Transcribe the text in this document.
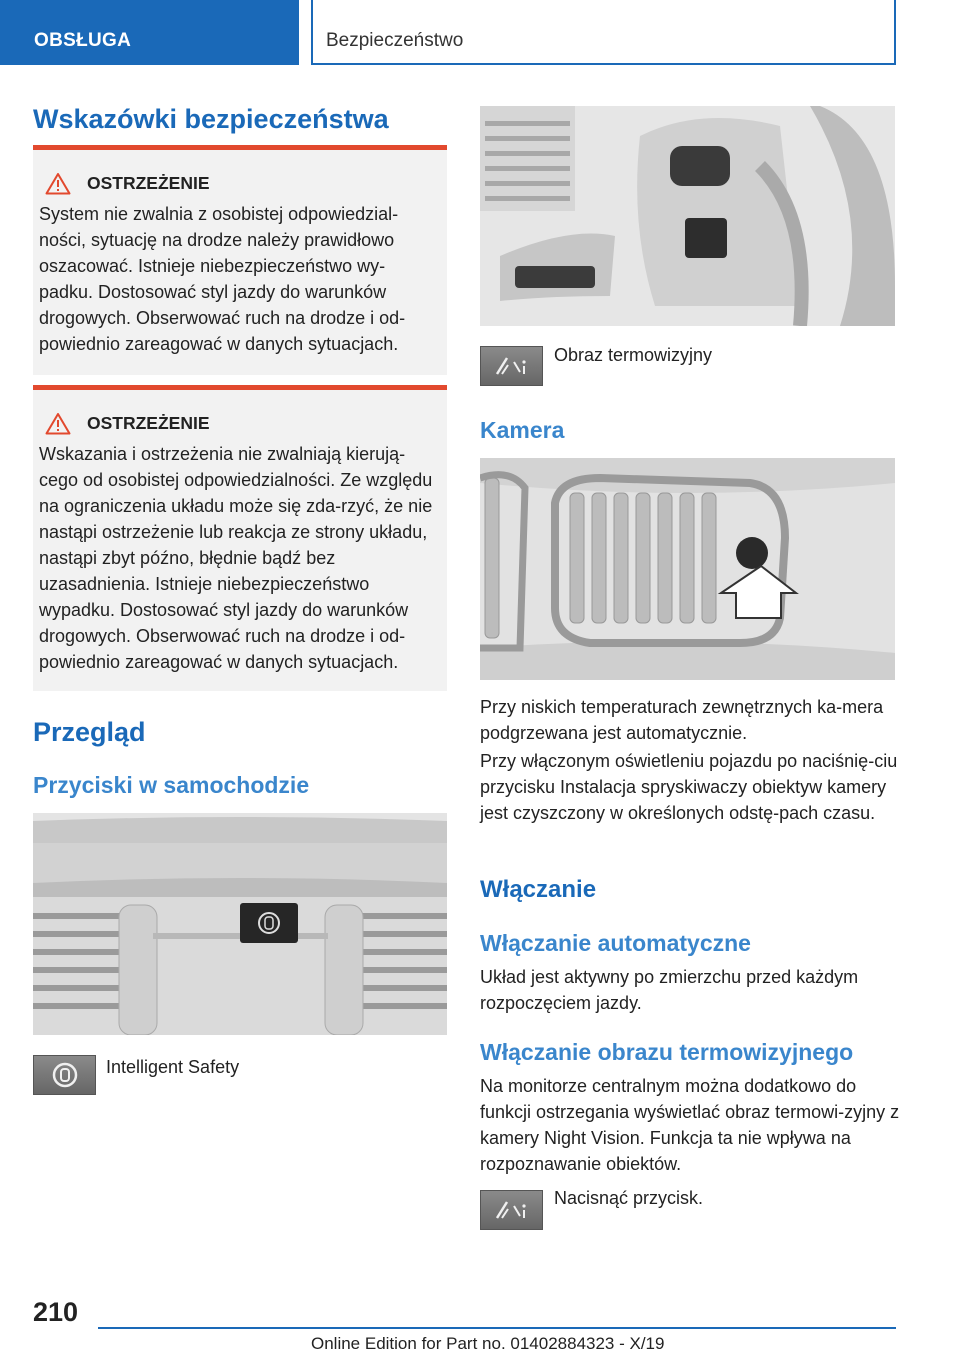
OBSŁUGA	Bezpieczeństwo
Wskazówki bezpieczeństwa
OSTRZEŻENIE

System nie zwalnia z osobistej odpowiedzial-ności, sytuację na drodze należy prawidłowo oszacować. Istnieje niebezpieczeństwo wy-padku. Dostosować styl jazdy do warunków drogowych. Obserwować ruch na drodze i od-powiednio zareagować w danych sytuacjach.

OSTRZEŻENIE

Wskazania i ostrzeżenia nie zwalniają kierują-cego od osobistej odpowiedzialności. Ze względu na ograniczenia układu może się zda-rzyć, że nie nastąpi ostrzeżenie lub reakcja ze strony układu, nastąpi zbyt późno, błędnie bądź bez uzasadnienia. Istnieje niebezpieczeństwo wypadku. Dostosować styl jazdy do warunków drogowych. Obserwować ruch na drodze i od-powiednio zareagować w danych sytuacjach.

Przegląd
Przyciski w samochodzie
Intelligent Safety
Obraz termowizyjny
Kamera
Przy niskich temperaturach zewnętrznych ka-mera podgrzewana jest automatycznie.
Przy włączonym oświetleniu pojazdu po naciśnię-ciu przycisku Instalacja spryskiwaczy obiektyw kamery jest czyszczony w określonych odstę-pach czasu.
Włączanie
Włączanie automatyczne
Układ jest aktywny po zmierzchu przed każdym rozpoczęciem jazdy.
Włączanie obrazu termowizyjnego
Na monitorze centralnym można dodatkowo do funkcji ostrzegania wyświetlać obraz termowi-zyjny z kamery Night Vision. Funkcja ta nie wpływa na rozpoznawanie obiektów.
Nacisnąć przycisk.
210
Online Edition for Part no. 01402884323 - X/19
